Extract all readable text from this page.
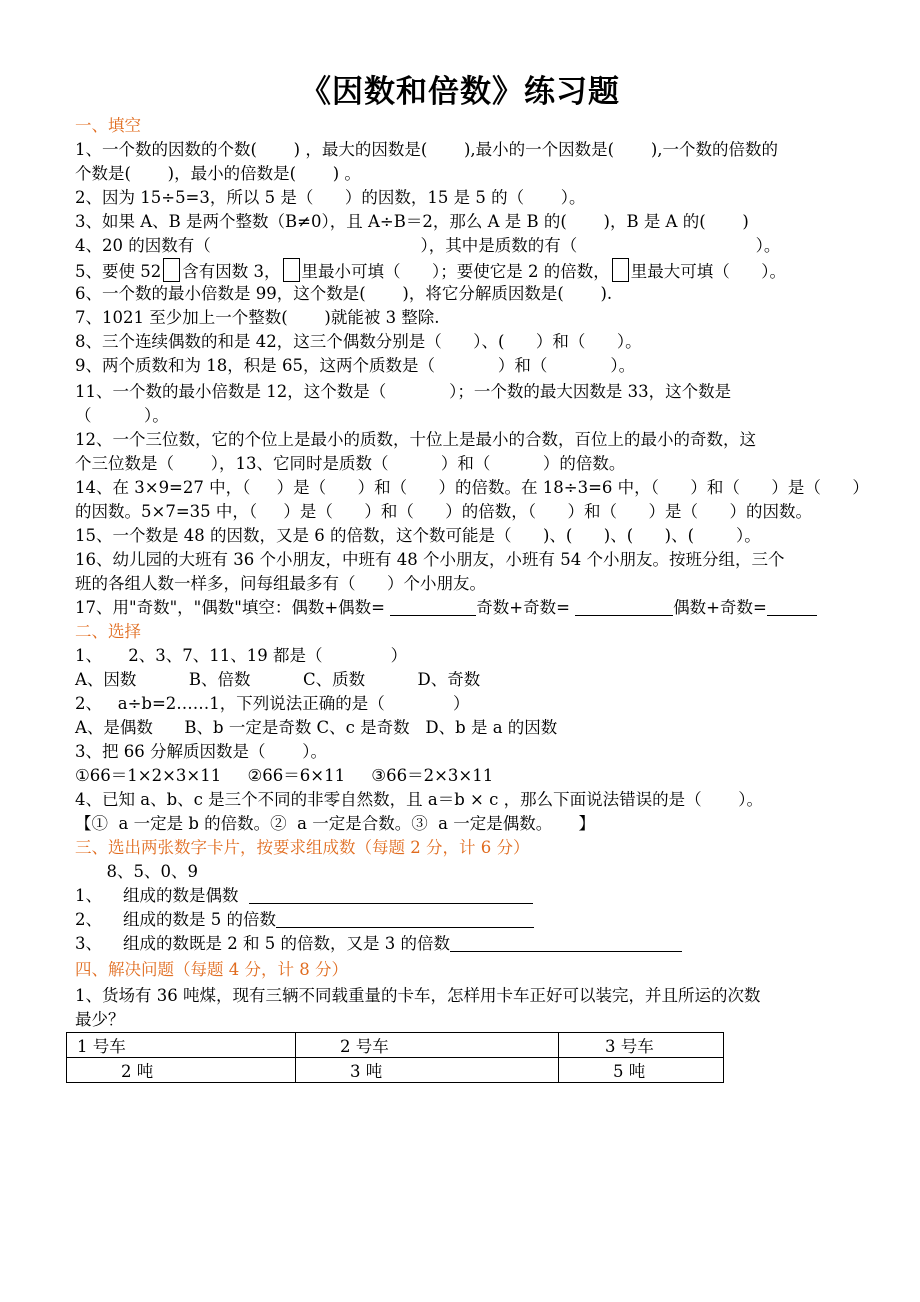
《因数和倍数》练习题
一、填空
1、一个数的因数的个数(       ) ，最大的因数是(       ),最小的一个因数是(       ),一个数的倍数的
个数是(       )，最小的倍数是(       ) 。
2、因为 15÷5=3，所以 5 是（      ）的因数，15 是 5 的（       ）。
3、如果 A、B 是两个整数（B≠0），且 A÷B＝2，那么 A 是 B 的(       )，B 是 A 的(       )
4、20 的因数有（                                        ），其中是质数的有（                                  ）。
5、要使 52 含有因数 3， 里最小可填（      ）；要使它是 2 的倍数， 里最大可填（      ）。
6、一个数的最小倍数是 99，这个数是(       )，将它分解质因数是(       ).
7、1021 至少加上一个整数(       )就能被 3 整除.
8、三个连续偶数的和是 42，这三个偶数分别是（      ）、(      ）和（      ）。
9、两个质数和为 18，积是 65，这两个质数是（            ）和（            ）。
11、一个数的最小倍数是 12，这个数是（            ）；一个数的最大因数是 33，这个数是
（          ）。
12、一个三位数，它的个位上是最小的质数，十位上是最小的合数，百位上的最小的奇数，这
个三位数是（       ），13、它同时是质数（          ）和（          ）的倍数。
14、在 3×9=27 中，（     ）是（      ）和（      ）的倍数。在 18÷3=6 中，（      ）和（      ）是（      ）
的因数。5×7=35 中，（     ）是（      ）和（      ）的倍数，（      ）和（      ）是（      ）的因数。
15、一个数是 48 的因数，又是 6 的倍数，这个数可能是（      )、(      )、(      )、(        ）。
16、幼儿园的大班有 36 个小朋友，中班有 48 个小朋友，小班有 54 个小朋友。按班分组，三个
班的各组人数一样多，问每组最多有（      ）个小朋友。
17、用"奇数"，"偶数"填空：偶数+偶数=	奇数+奇数=	偶数+奇数=
二、选择
1、     2、3、7、11、19 都是（             ）
A、因数          B、倍数          C、质数          D、奇数
2、   a÷b=2……1，下列说法正确的是（             ）
A、是偶数      B、b 一定是奇数 C、c 是奇数   D、b 是 a 的因数
3、把 66 分解质因数是（       ）。
①66＝1×2×3×11     ②66＝6×11     ③66＝2×3×11
4、已知 a、b、c 是三个不同的非零自然数，且 a＝b × c ，那么下面说法错误的是（       ）。
【①  a 一定是 b 的倍数。②  a 一定是合数。③  a 一定是偶数。     】
三、选出两张数字卡片，按要求组成数（每题 2 分，计 6 分）
8、5、0、9
1、    组成的数是偶数
2、    组成的数是 5 的倍数
3、    组成的数既是 2 和 5 的倍数，又是 3 的倍数
四、解决问题（每题 4 分，计 8 分）
1、货场有 36 吨煤，现有三辆不同载重量的卡车，怎样用卡车正好可以装完，并且所运的次数
最少？
1 号车	2 号车	3 号车
2 吨	3 吨	5 吨
